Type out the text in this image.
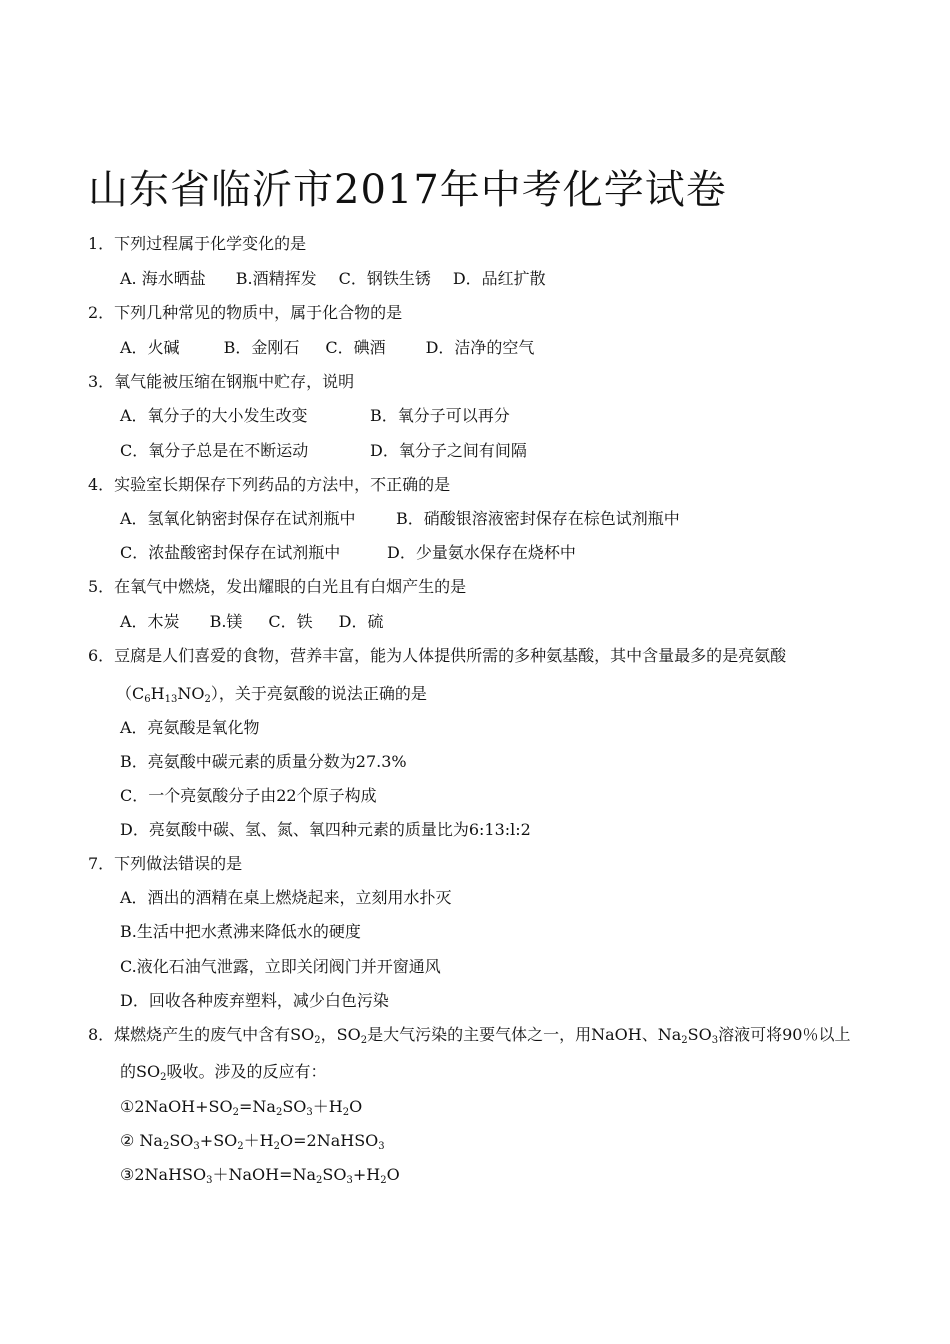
山东省临沂市2017年中考化学试卷
1．下列过程属于化学变化的是
A. 海水晒盐 B.酒精挥发 C．钢铁生锈 D．品红扩散
2．下列几种常见的物质中，属于化合物的是
A．火碱	B．金刚石 C．碘酒	D．洁净的空气
3．氧气能被压缩在钢瓶中贮存，说明
A．氧分子的大小发生改变	B．氧分子可以再分
C．氧分子总是在不断运动	D．氧分子之间有间隔
4．实验室长期保存下列药品的方法中，不正确的是
A．氢氧化钠密封保存在试剂瓶中	B．硝酸银溶液密封保存在棕色试剂瓶中
C．浓盐酸密封保存在试剂瓶中	D．少量氨水保存在烧杯中
5．在氧气中燃烧，发出耀眼的白光且有白烟产生的是
A．木炭 B.镁 C．铁 D．硫
6．豆腐是人们喜爱的食物，营养丰富，能为人体提供所需的多种氨基酸，其中含量最多的是亮氨酸
$(C_6H_{13}NO_2)$，关于亮氨酸的说法正确的是
A．亮氨酸是氧化物
B．亮氨酸中碳元素的质量分数为27.3%
C．一个亮氨酸分子由22个原子构成
D．亮氨酸中碳、氢、氮、氧四种元素的质量比为6:13:l:2
7．下列做法错误的是
A．酒出的酒精在桌上燃烧起来，立刻用水扑灭
B.生活中把水煮沸来降低水的硬度
C.液化石油气泄露，立即关闭阀门并开窗通风
D．回收各种废弃塑料，减少白色污染
8．煤燃烧产生的废气中含有$SO_2$，$SO_2$是大气污染的主要气体之一，用NaOH、$Na_2SO_3$溶液可将90％以上
的$SO_2$吸收。涉及的反应有：
$①2NaOH+SO_2=Na_2SO_3+H_2O$
② $Na_2SO_3+SO_2+H_2O=2NaHSO_3$
$③2NaHSO_3+NaOH=Na_2SO_3+H_2O$
